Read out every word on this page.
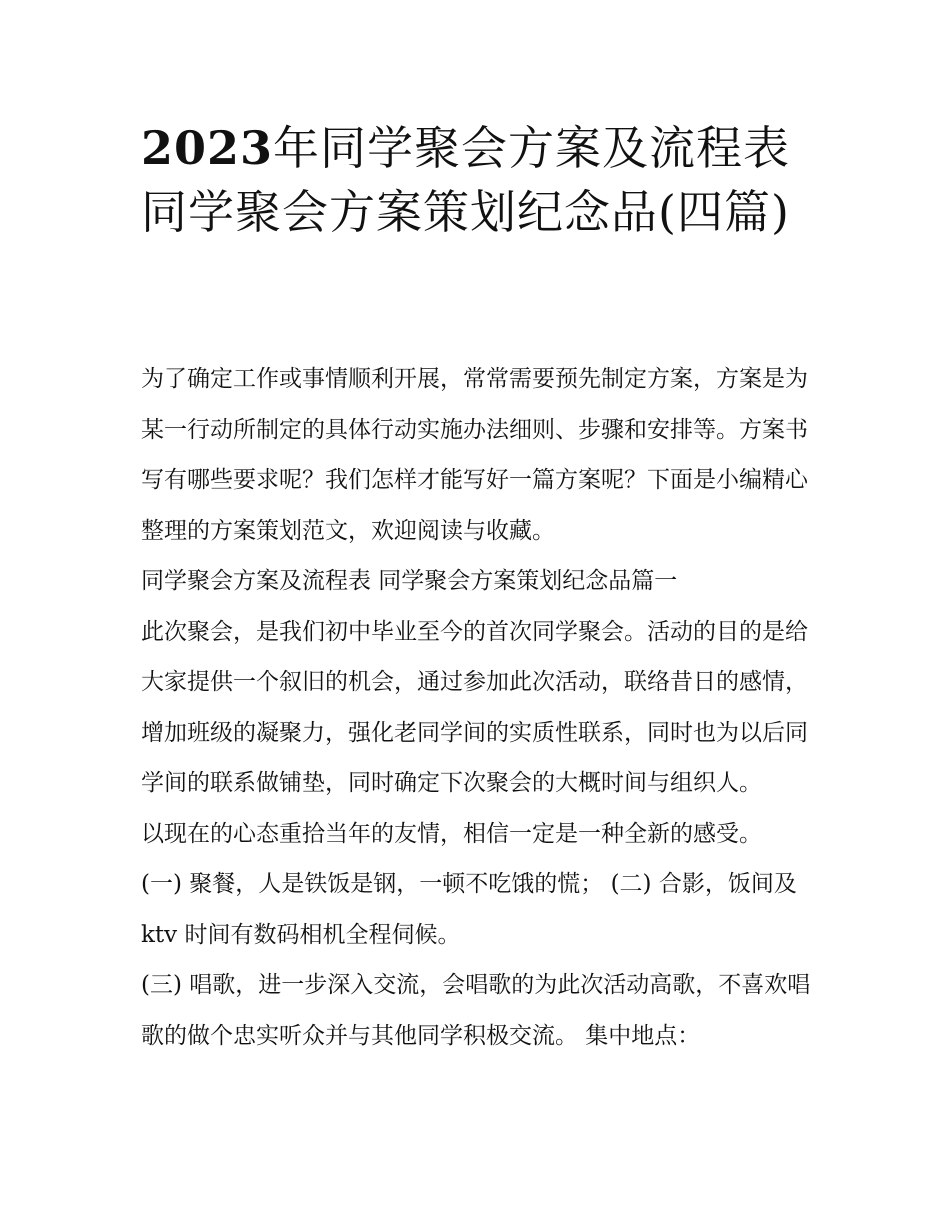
2023年同学聚会方案及流程表同学聚会方案策划纪念品(四篇)

为了确定工作或事情顺利开展，常常需要预先制定方案，方案是为某一行动所制定的具体行动实施办法细则、步骤和安排等。方案书写有哪些要求呢？我们怎样才能写好一篇方案呢？下面是小编精心整理的方案策划范文，欢迎阅读与收藏。

同学聚会方案及流程表 同学聚会方案策划纪念品篇一

此次聚会，是我们初中毕业至今的首次同学聚会。活动的目的是给大家提供一个叙旧的机会，通过参加此次活动，联络昔日的感情，增加班级的凝聚力，强化老同学间的实质性联系，同时也为以后同学间的联系做铺垫，同时确定下次聚会的大概时间与组织人。

以现在的心态重拾当年的友情，相信一定是一种全新的感受。

(一) 聚餐，人是铁饭是钢，一顿不吃饿的慌； (二) 合影，饭间及 ktv 时间有数码相机全程伺候。

(三) 唱歌，进一步深入交流，会唱歌的为此次活动高歌，不喜欢唱歌的做个忠实听众并与其他同学积极交流。 集中地点：
